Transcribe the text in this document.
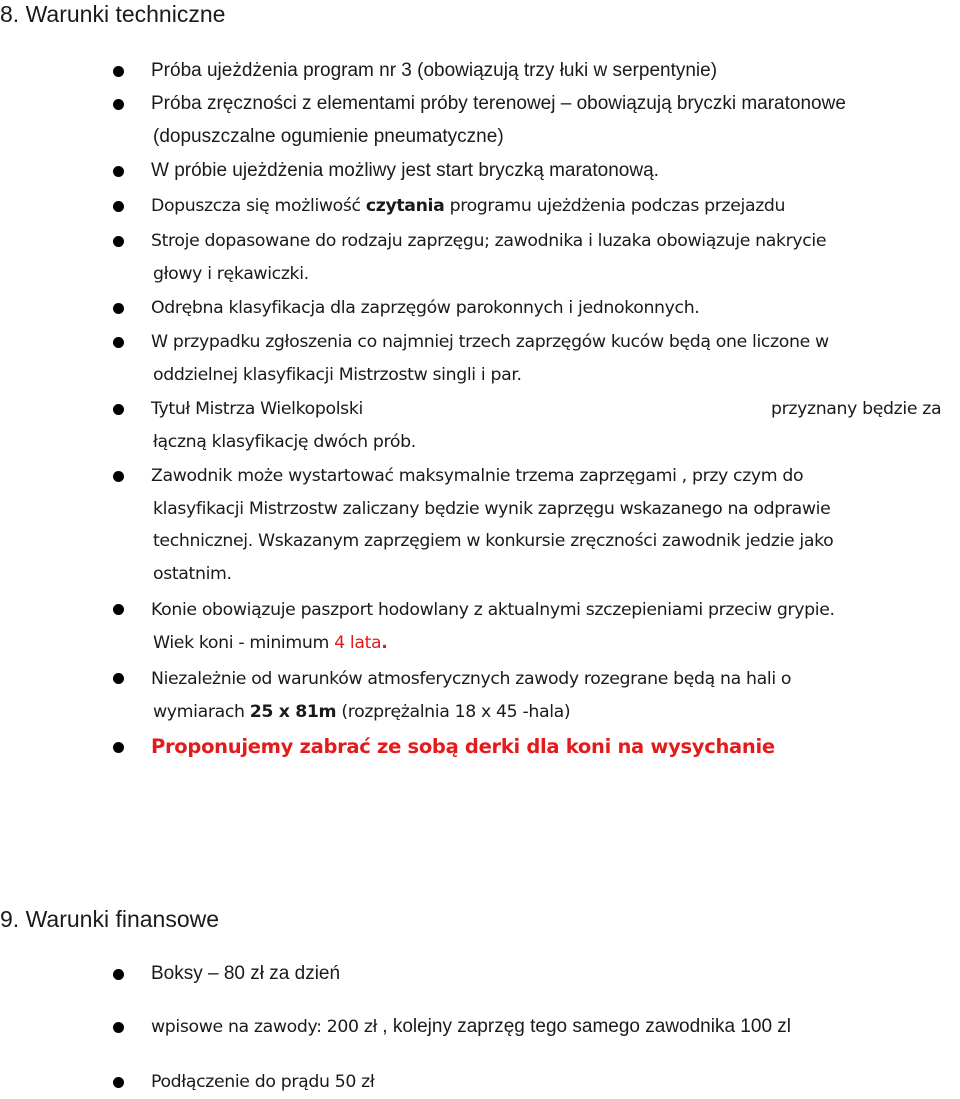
8. Warunki techniczne

Próba ujeżdżenia program nr 3 (obowiązują trzy łuki w serpentynie)

Próba zręczności z elementami próby terenowej – obowiązują bryczki maratonowe
(dopuszczalne ogumienie pneumatyczne)

W próbie ujeżdżenia możliwy jest start bryczką maratonową.

Dopuszcza się możliwość czytania programu ujeżdżenia podczas przejazdu

Stroje dopasowane do rodzaju zaprzęgu; zawodnika i luzaka obowiązuje nakrycie
głowy i rękawiczki.

Odrębna klasyfikacja dla zaprzęgów parokonnych i jednokonnych.

W przypadku zgłoszenia co najmniej trzech zaprzęgów kuców będą one liczone w
oddzielnej klasyfikacji Mistrzostw singli i par.

Tytuł Mistrza Wielkopolski	przyznany będzie za
łączną klasyfikację dwóch prób.

Zawodnik może wystartować maksymalnie trzema zaprzęgami , przy czym do
klasyfikacji Mistrzostw zaliczany będzie wynik zaprzęgu wskazanego na odprawie
technicznej. Wskazanym zaprzęgiem w konkursie zręczności zawodnik jedzie jako
ostatnim.

Konie obowiązuje paszport hodowlany z aktualnymi szczepieniami przeciw grypie.
Wiek koni - minimum 4 lata.

Niezależnie od warunków atmosferycznych zawody rozegrane będą na hali o
wymiarach 25 x 81m (rozprężalnia 18 x 45 -hala)

Proponujemy zabrać ze sobą derki dla koni na wysychanie

9. Warunki finansowe

Boksy – 80 zł za dzień

wpisowe na zawody: 200 zł , kolejny zaprzęg tego samego zawodnika 100 zl

Podłączenie do prądu 50 zł
